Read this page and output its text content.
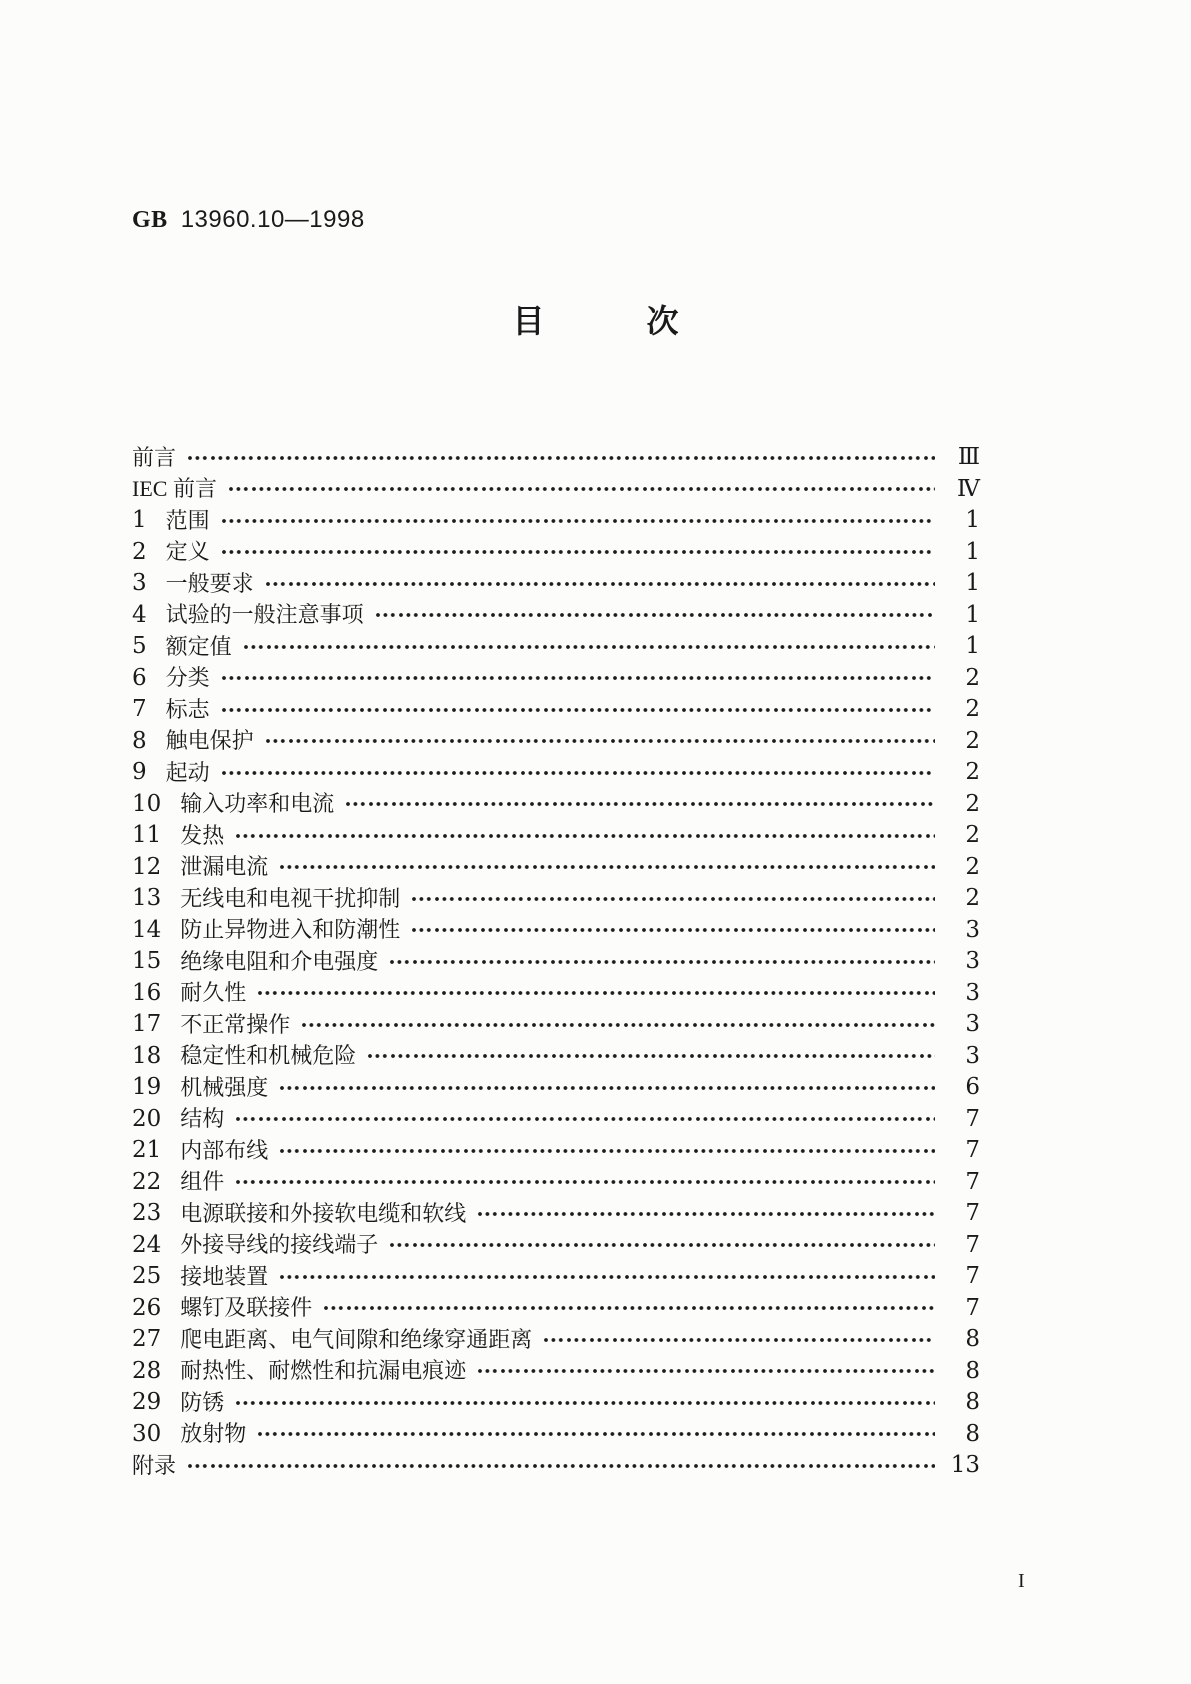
GB 13960.10—1998
目	次
前言	Ⅲ
IEC 前言	Ⅳ
1 范围	1
2 定义	1
3 一般要求	1
4 试验的一般注意事项	1
5 额定值	1
6 分类	2
7 标志	2
8 触电保护	2
9 起动	2
10 输入功率和电流	2
11 发热	2
12 泄漏电流	2
13 无线电和电视干扰抑制	2
14 防止异物进入和防潮性	3
15 绝缘电阻和介电强度	3
16 耐久性	3
17 不正常操作	3
18 稳定性和机械危险	3
19 机械强度	6
20 结构	7
21 内部布线	7
22 组件	7
23 电源联接和外接软电缆和软线	7
24 外接导线的接线端子	7
25 接地装置	7
26 螺钉及联接件	7
27 爬电距离、电气间隙和绝缘穿通距离	8
28 耐热性、耐燃性和抗漏电痕迹	8
29 防锈	8
30 放射物	8
附录	13
I
